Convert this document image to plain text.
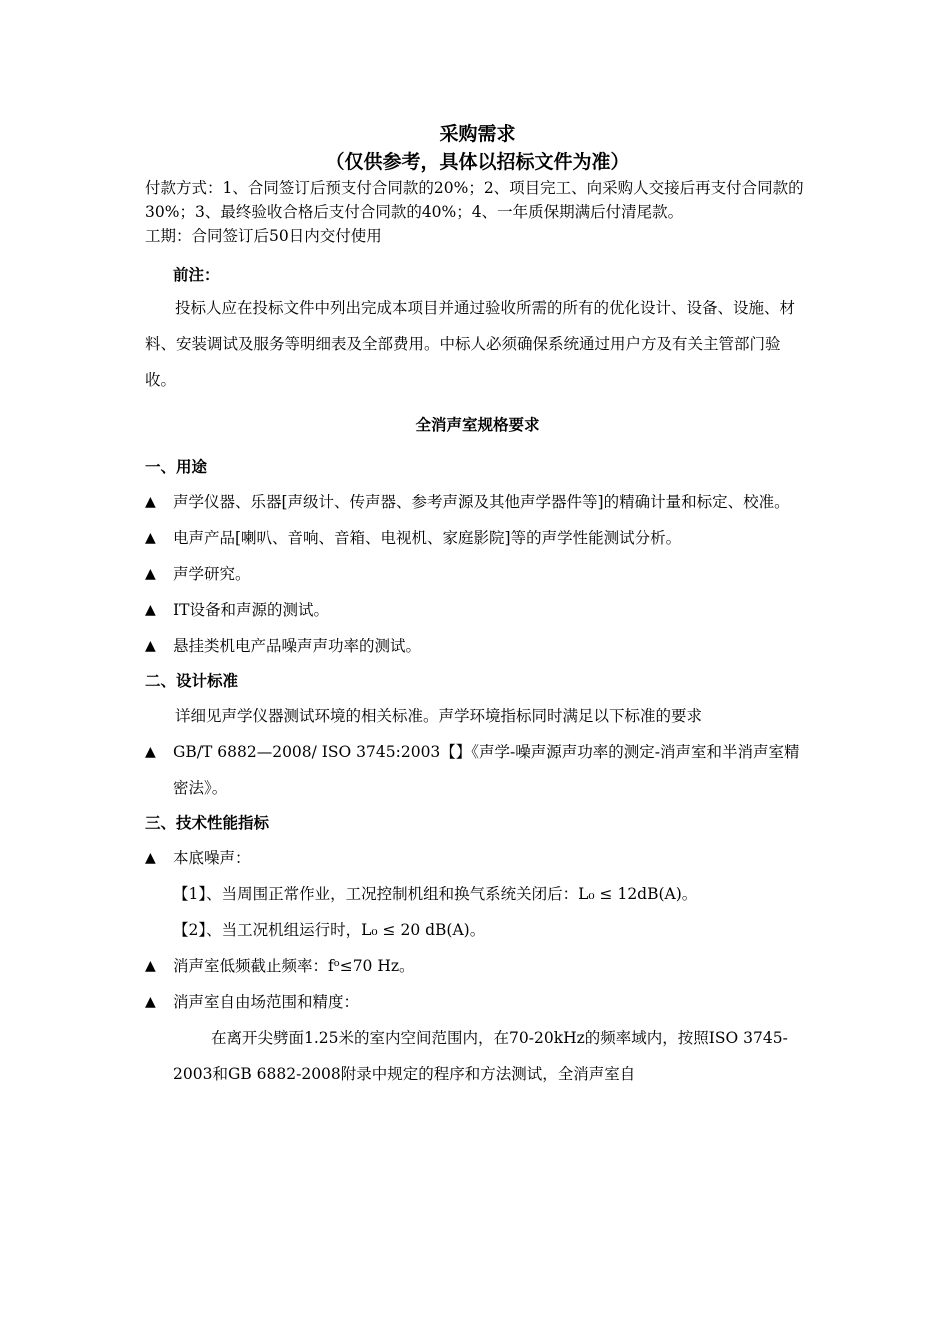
采购需求

（仅供参考，具体以招标文件为准）

付款方式：1、合同签订后预支付合同款的20%；2、项目完工、向采购人交接后再支付合同款的30%；3、最终验收合格后支付合同款的40%；4、一年质保期满后付清尾款。

工期：合同签订后50日内交付使用

前注：

投标人应在投标文件中列出完成本项目并通过验收所需的所有的优化设计、设备、设施、材料、安装调试及服务等明细表及全部费用。中标人必须确保系统通过用户方及有关主管部门验收。

全消声室规格要求

一、用途

▲	声学仪器、乐器[声级计、传声器、参考声源及其他声学器件等]的精确计量和标定、校准。
▲	电声产品[喇叭、音响、音箱、电视机、家庭影院]等的声学性能测试分析。
▲	声学研究。
▲	IT设备和声源的测试。
▲	悬挂类机电产品噪声声功率的测试。

二、设计标准

详细见声学仪器测试环境的相关标准。声学环境指标同时满足以下标准的要求

▲	GB/T 6882—2008/ ISO 3745:2003【】《声学-噪声源声功率的测定-消声室和半消声室精密法》。

三、技术性能指标

▲	本底噪声：

【1】、当周围正常作业，工况控制机组和换气系统关闭后：L₀ ≤ 12dB(A)。

【2】、当工况机组运行时，L₀ ≤ 20 dB(A)。

▲	消声室低频截止频率：fᵒ≤70 Hz。
▲	消声室自由场范围和精度：

在离开尖劈面1.25米的室内空间范围内，在70-20kHz的频率域内，按照ISO 3745-2003和GB 6882-2008附录中规定的程序和方法测试，全消声室自
